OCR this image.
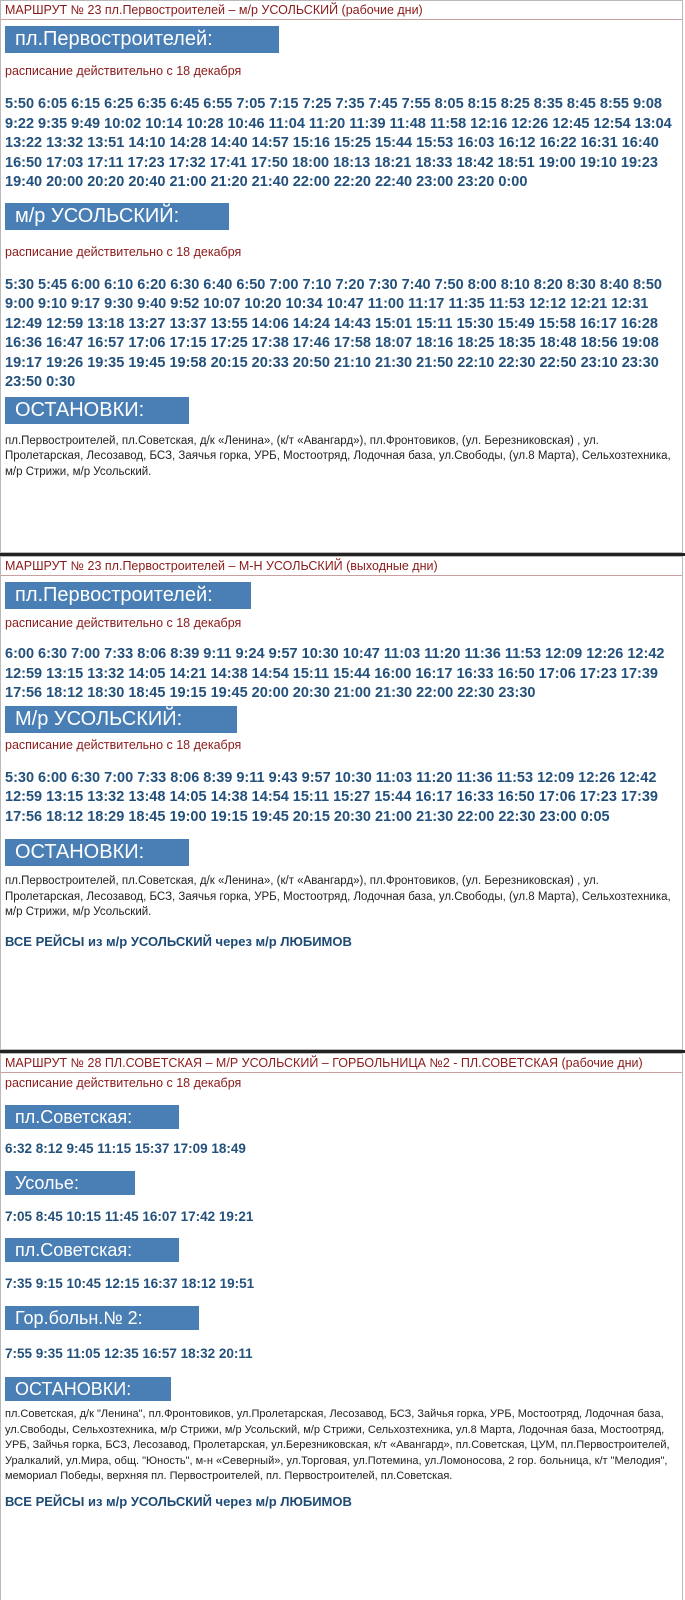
МАРШРУТ № 23 пл.Первостроителей – м/р УСОЛЬСКИЙ (рабочие дни)
пл.Первостроителей:
расписание действительно с 18 декабря
5:50 6:05 6:15 6:25 6:35 6:45 6:55 7:05 7:15 7:25 7:35 7:45 7:55 8:05 8:15 8:25 8:35 8:45 8:55 9:08 9:22 9:35 9:49 10:02 10:14 10:28 10:46 11:04 11:20 11:39 11:48 11:58 12:16 12:26 12:45 12:54 13:04 13:22 13:32 13:51 14:10 14:28 14:40 14:57 15:16 15:25 15:44 15:53 16:03 16:12 16:22 16:31 16:40 16:50 17:03 17:11 17:23 17:32 17:41 17:50 18:00 18:13 18:21 18:33 18:42 18:51 19:00 19:10 19:23 19:40 20:00 20:20 20:40 21:00 21:20 21:40 22:00 22:20 22:40 23:00 23:20 0:00
м/р УСОЛЬСКИЙ:
расписание действительно с 18 декабря
5:30 5:45 6:00 6:10 6:20 6:30 6:40 6:50 7:00 7:10 7:20 7:30 7:40 7:50 8:00 8:10 8:20 8:30 8:40 8:50 9:00 9:10 9:17 9:30 9:40 9:52 10:07 10:20 10:34 10:47 11:00 11:17 11:35 11:53 12:12 12:21 12:31 12:49 12:59 13:18 13:27 13:37 13:55 14:06 14:24 14:43 15:01 15:11 15:30 15:49 15:58 16:17 16:28 16:36 16:47 16:57 17:06 17:15 17:25 17:38 17:46 17:58 18:07 18:16 18:25 18:35 18:48 18:56 19:08 19:17 19:26 19:35 19:45 19:58 20:15 20:33 20:50 21:10 21:30 21:50 22:10 22:30 22:50 23:10 23:30 23:50 0:30
ОСТАНОВКИ:
пл.Первостроителей, пл.Советская, д/к «Ленина», (к/т «Авангард»), пл.Фронтовиков, (ул. Березниковская) , ул. Пролетарская, Лесозавод, БСЗ, Заячья горка, УРБ, Мостоотряд, Лодочная база, ул.Свободы, (ул.8 Марта), Сельхозтехника, м/р Стрижи, м/р Усольский.
МАРШРУТ № 23 пл.Первостроителей – М-Н УСОЛЬСКИЙ (выходные дни)
пл.Первостроителей:
расписание действительно с 18 декабря
6:00 6:30 7:00 7:33 8:06 8:39 9:11 9:24 9:57 10:30 10:47 11:03 11:20 11:36 11:53 12:09 12:26 12:42 12:59 13:15 13:32 14:05 14:21 14:38 14:54 15:11 15:44 16:00 16:17 16:33 16:50 17:06 17:23 17:39 17:56 18:12 18:30 18:45 19:15 19:45 20:00 20:30 21:00 21:30 22:00 22:30 23:30
М/р УСОЛЬСКИЙ:
расписание действительно с 18 декабря
5:30 6:00 6:30 7:00 7:33 8:06 8:39 9:11 9:43 9:57 10:30 11:03 11:20 11:36 11:53 12:09 12:26 12:42 12:59 13:15 13:32 13:48 14:05 14:38 14:54 15:11 15:27 15:44 16:17 16:33 16:50 17:06 17:23 17:39 17:56 18:12 18:29 18:45 19:00 19:15 19:45 20:15 20:30 21:00 21:30 22:00 22:30 23:00 0:05
ОСТАНОВКИ:
пл.Первостроителей, пл.Советская, д/к «Ленина», (к/т «Авангард»), пл.Фронтовиков, (ул. Березниковская) , ул. Пролетарская, Лесозавод, БСЗ, Заячья горка, УРБ, Мостоотряд, Лодочная база, ул.Свободы, (ул.8 Марта), Сельхозтехника, м/р Стрижи, м/р Усольский.
ВСЕ РЕЙСЫ из м/р УСОЛЬСКИЙ через м/р ЛЮБИМОВ
МАРШРУТ № 28 ПЛ.СОВЕТСКАЯ – М/Р УСОЛЬСКИЙ – ГОРБОЛЬНИЦА №2 - ПЛ.СОВЕТСКАЯ (рабочие дни)
расписание действительно с 18 декабря
пл.Советская:
6:32 8:12 9:45 11:15 15:37 17:09 18:49
Усолье:
7:05 8:45 10:15 11:45 16:07 17:42 19:21
пл.Советская:
7:35 9:15 10:45 12:15 16:37 18:12 19:51
Гор.больн.№ 2:
7:55 9:35 11:05 12:35 16:57 18:32 20:11
ОСТАНОВКИ:
пл.Советская, д/к "Ленина", пл.Фронтовиков, ул.Пролетарская, Лесозавод, БСЗ, Зайчья горка, УРБ, Мостоотряд, Лодочная база, ул.Свободы, Сельхозтехника, м/р Стрижи, м/р Усольский, м/р Стрижи, Сельхозтехника, ул.8 Марта, Лодочная база, Мостоотряд, УРБ, Зайчья горка, БСЗ, Лесозавод, Пролетарская, ул.Березниковская, к/т «Авангард», пл.Советская, ЦУМ, пл.Первостроителей, Уралкалий, ул.Мира, общ. "Юность", м-н «Северный», ул.Торговая, ул.Потемина, ул.Ломоносова, 2 гор. больница, к/т "Мелодия", мемориал Победы, верхняя пл. Первостроителей, пл. Первостроителей, пл.Советская.
ВСЕ РЕЙСЫ из м/р УСОЛЬСКИЙ через м/р ЛЮБИМОВ
